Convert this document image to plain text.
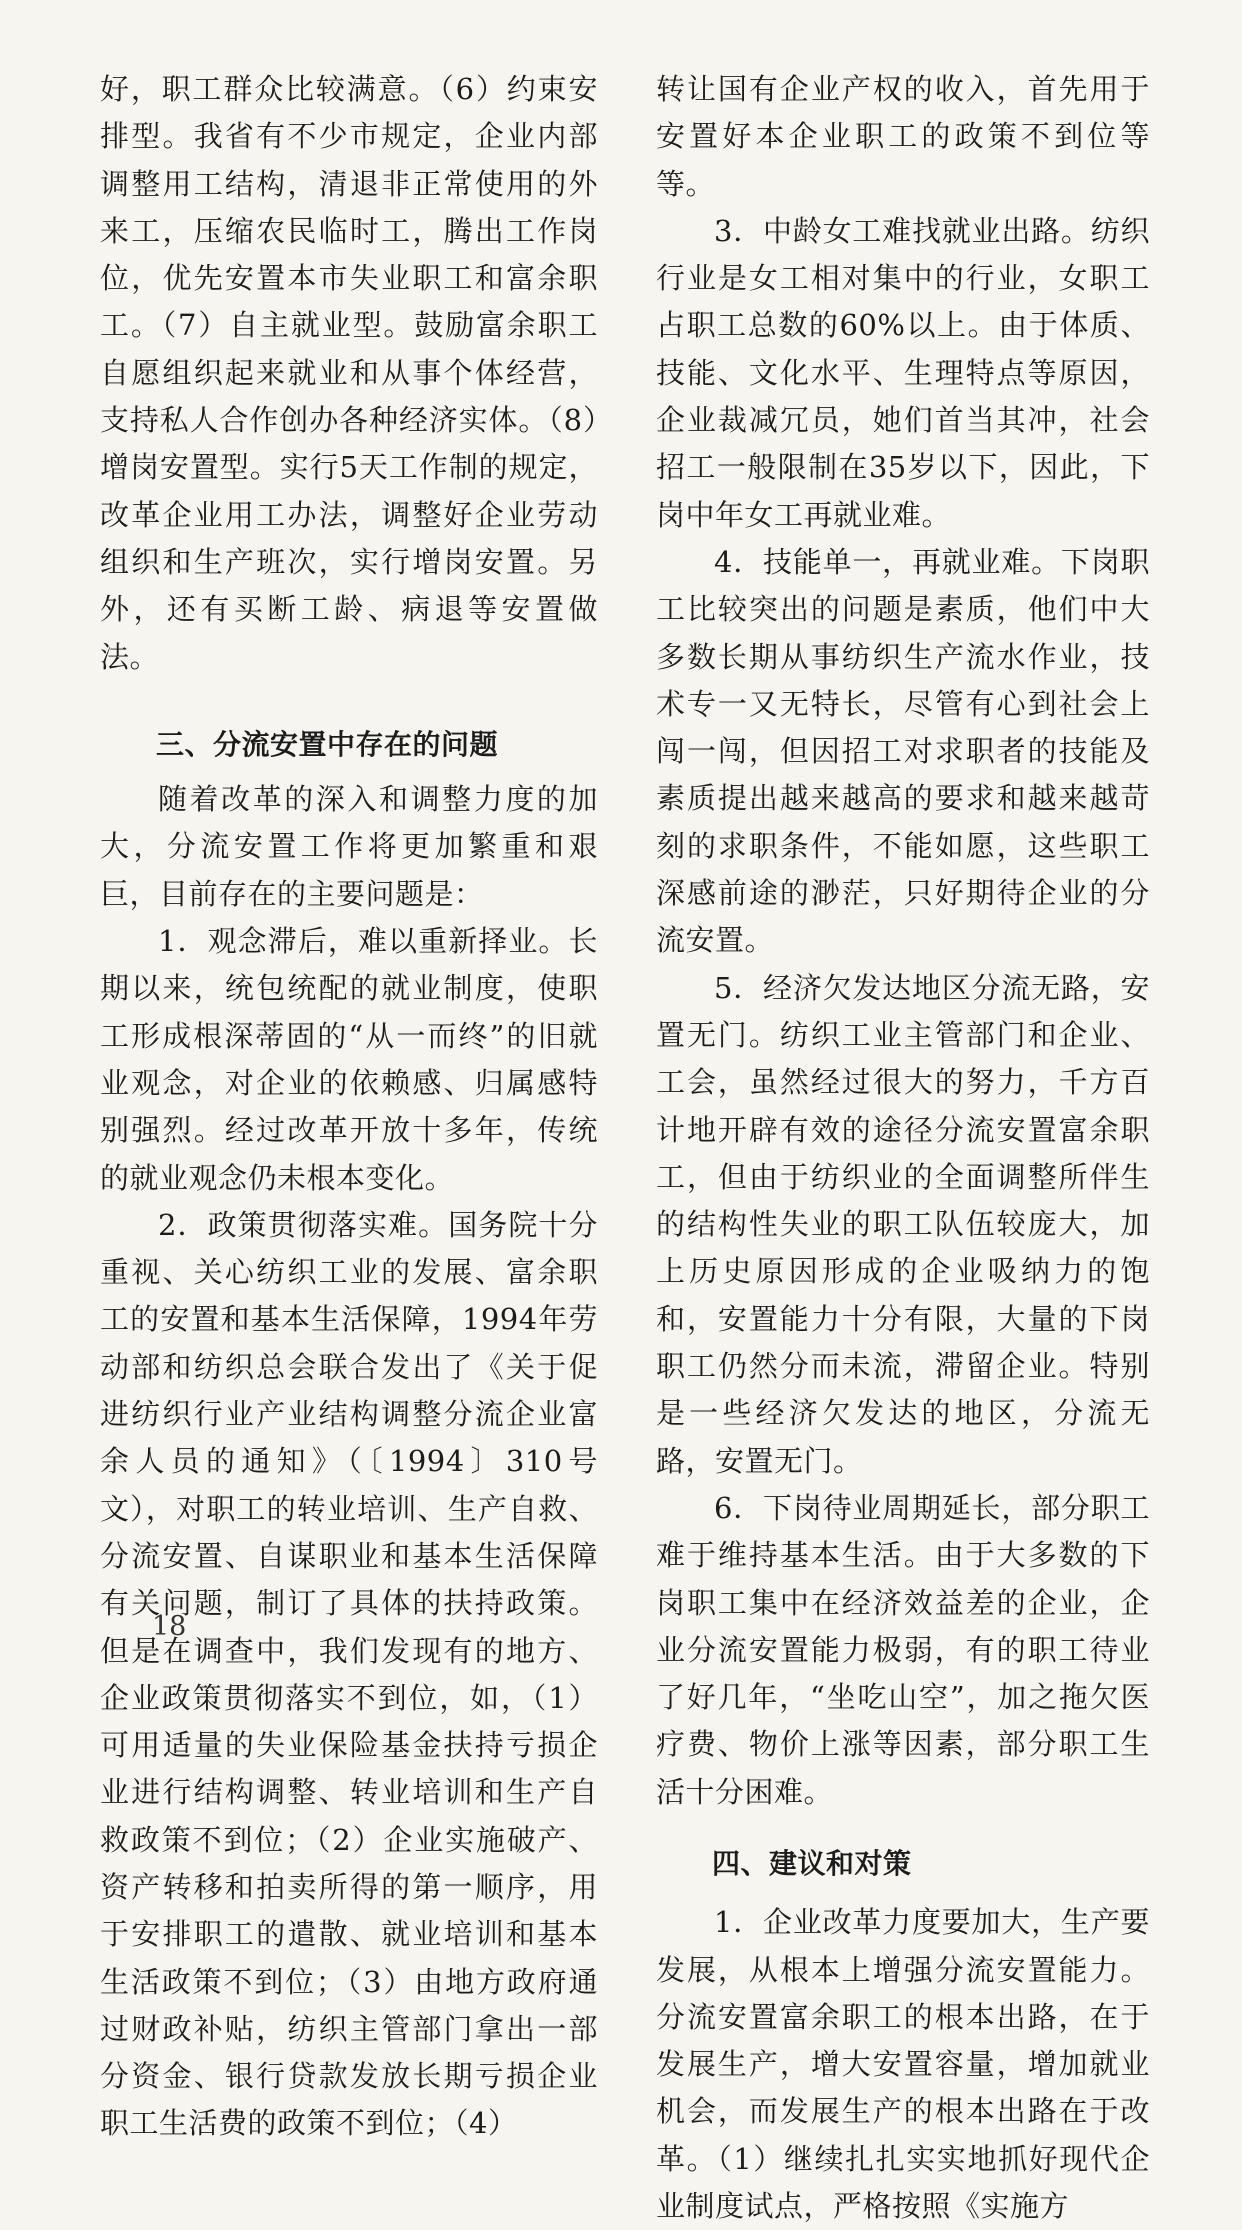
好，职工群众比较满意。（6）约束安排型。我省有不少市规定，企业内部调整用工结构，清退非正常使用的外来工，压缩农民临时工，腾出工作岗位，优先安置本市失业职工和富余职工。（7）自主就业型。鼓励富余职工自愿组织起来就业和从事个体经营，支持私人合作创办各种经济实体。（8）增岗安置型。实行5天工作制的规定，改革企业用工办法，调整好企业劳动组织和生产班次，实行增岗安置。另外，还有买断工龄、病退等安置做法。

三、分流安置中存在的问题

随着改革的深入和调整力度的加大，分流安置工作将更加繁重和艰巨，目前存在的主要问题是：

1．观念滞后，难以重新择业。长期以来，统包统配的就业制度，使职工形成根深蒂固的“从一而终”的旧就业观念，对企业的依赖感、归属感特别强烈。经过改革开放十多年，传统的就业观念仍未根本变化。

2．政策贯彻落实难。国务院十分重视、关心纺织工业的发展、富余职工的安置和基本生活保障，1994年劳动部和纺织总会联合发出了《关于促进纺织行业产业结构调整分流企业富余人员的通知》（〔1994〕310号文），对职工的转业培训、生产自救、分流安置、自谋职业和基本生活保障有关问题，制订了具体的扶持政策。但是在调查中，我们发现有的地方、企业政策贯彻落实不到位，如，（1）可用适量的失业保险基金扶持亏损企业进行结构调整、转业培训和生产自救政策不到位；（2）企业实施破产、资产转移和拍卖所得的第一顺序，用于安排职工的遣散、就业培训和基本生活政策不到位；（3）由地方政府通过财政补贴，纺织主管部门拿出一部分资金、银行贷款发放长期亏损企业职工生活费的政策不到位；（4）

转让国有企业产权的收入，首先用于安置好本企业职工的政策不到位等等。

3．中龄女工难找就业出路。纺织行业是女工相对集中的行业，女职工占职工总数的60%以上。由于体质、技能、文化水平、生理特点等原因，企业裁减冗员，她们首当其冲，社会招工一般限制在35岁以下，因此，下岗中年女工再就业难。

4．技能单一，再就业难。下岗职工比较突出的问题是素质，他们中大多数长期从事纺织生产流水作业，技术专一又无特长，尽管有心到社会上闯一闯，但因招工对求职者的技能及素质提出越来越高的要求和越来越苛刻的求职条件，不能如愿，这些职工深感前途的渺茫，只好期待企业的分流安置。

5．经济欠发达地区分流无路，安置无门。纺织工业主管部门和企业、工会，虽然经过很大的努力，千方百计地开辟有效的途径分流安置富余职工，但由于纺织业的全面调整所伴生的结构性失业的职工队伍较庞大，加上历史原因形成的企业吸纳力的饱和，安置能力十分有限，大量的下岗职工仍然分而未流，滞留企业。特别是一些经济欠发达的地区，分流无路，安置无门。

6．下岗待业周期延长，部分职工难于维持基本生活。由于大多数的下岗职工集中在经济效益差的企业，企业分流安置能力极弱，有的职工待业了好几年，“坐吃山空”，加之拖欠医疗费、物价上涨等因素，部分职工生活十分困难。

四、建议和对策

1．企业改革力度要加大，生产要发展，从根本上增强分流安置能力。分流安置富余职工的根本出路，在于发展生产，增大安置容量，增加就业机会，而发展生产的根本出路在于改革。（1）继续扎扎实实地抓好现代企业制度试点，严格按照《实施方

18
